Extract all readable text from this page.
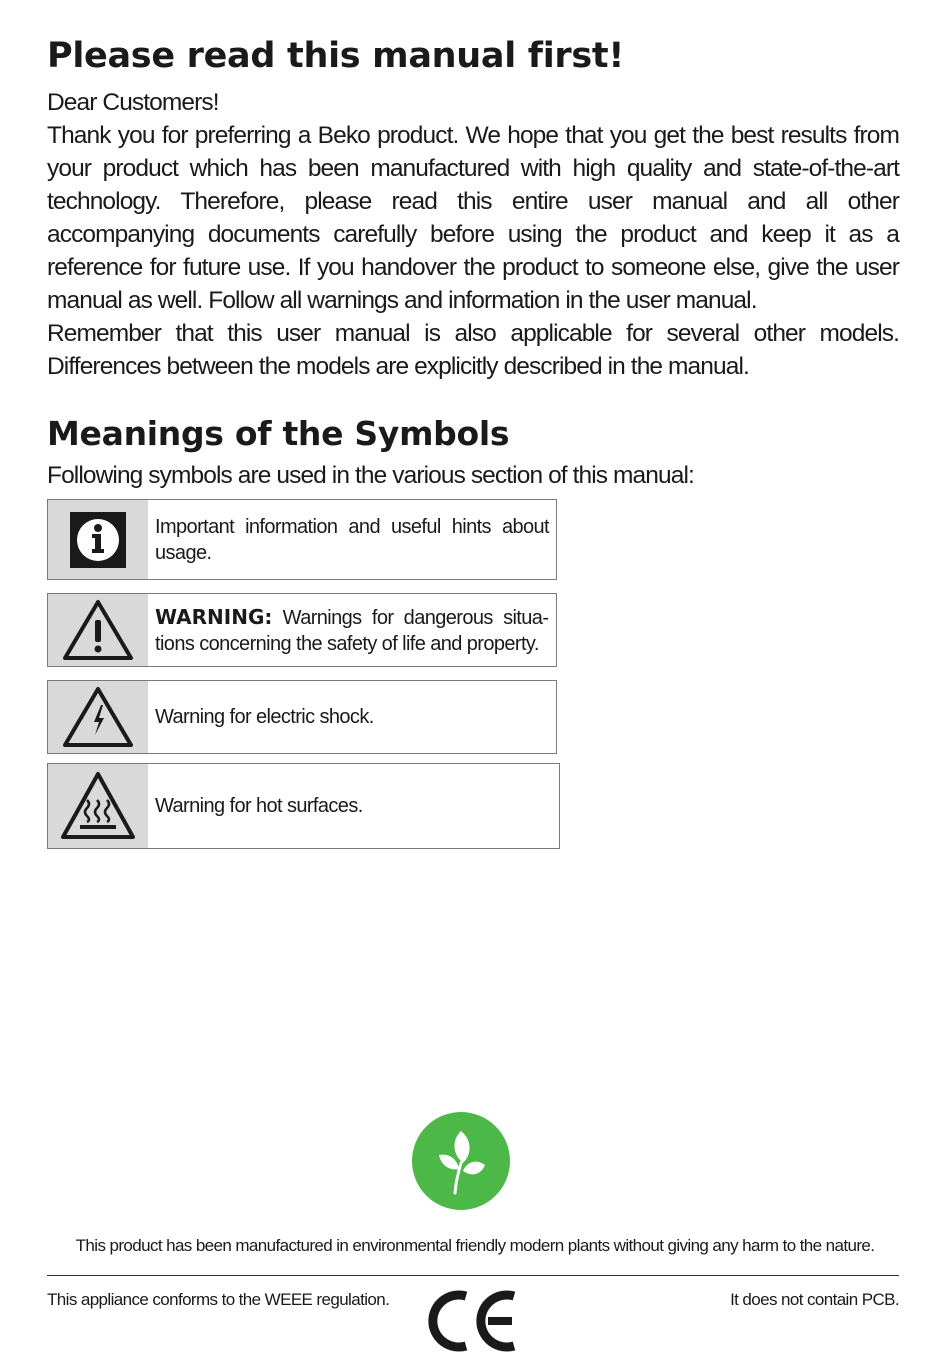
Please read this manual first!

Dear Customers!

Thank you for preferring a Beko product. We hope that you get the best results from your product which has been manufactured with high quality and state-of-the-art technology. Therefore, please read this entire user manual and all other accompanying documents carefully before using the product and keep it as a reference for future use. If you handover the product to someone else, give the user manual as well. Follow all warnings and information in the user manual.

Remember that this user manual is also applicable for several other models. Differences between the models are explicitly described in the manual.

Meanings of the Symbols

Following symbols are used in the various section of this manual:

Important information and useful hints about usage.
WARNING: Warnings for dangerous situations concerning the safety of life and property.
Warning for electric shock.
Warning for hot surfaces.
This product has been manufactured in environmental friendly modern plants without giving any harm to the nature.
This appliance conforms to the WEEE regulation.	It does not contain PCB.
